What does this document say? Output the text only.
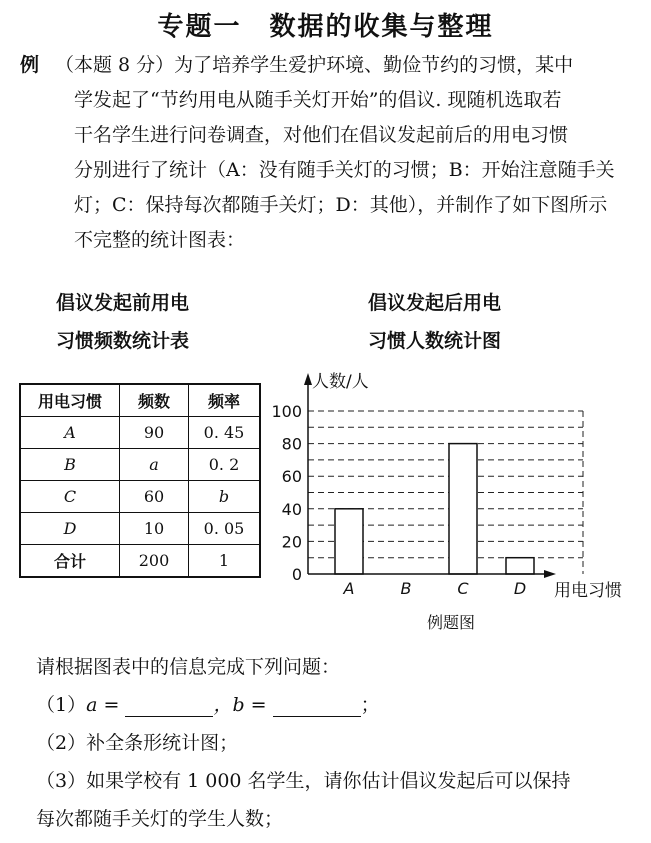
专题一 数据的收集与整理
例 （本题 8 分）为了培养学生爱护环境、勤俭节约的习惯，某中
学发起了“节约用电从随手关灯开始”的倡议. 现随机选取若
干名学生进行问卷调查，对他们在倡议发起前后的用电习惯
分别进行了统计（A：没有随手关灯的习惯；B：开始注意随手关
灯；C：保持每次都随手关灯；D：其他），并制作了如下图所示
不完整的统计图表：
倡议发起前用电
习惯频数统计表
倡议发起后用电
习惯人数统计图
用电习惯	频数	频率
A	90	0. 45
B	a	0. 2
C	60	b
D	10	0. 05
合计	200	1
A	B	C	D
0
20
40
60
80
100
人数/人
用电习惯
例题图
请根据图表中的信息完成下列问题：
（1）a =	，b =	；
（2）补全条形统计图；
（3）如果学校有 1 000 名学生，请你估计倡议发起后可以保持
每次都随手关灯的学生人数；
